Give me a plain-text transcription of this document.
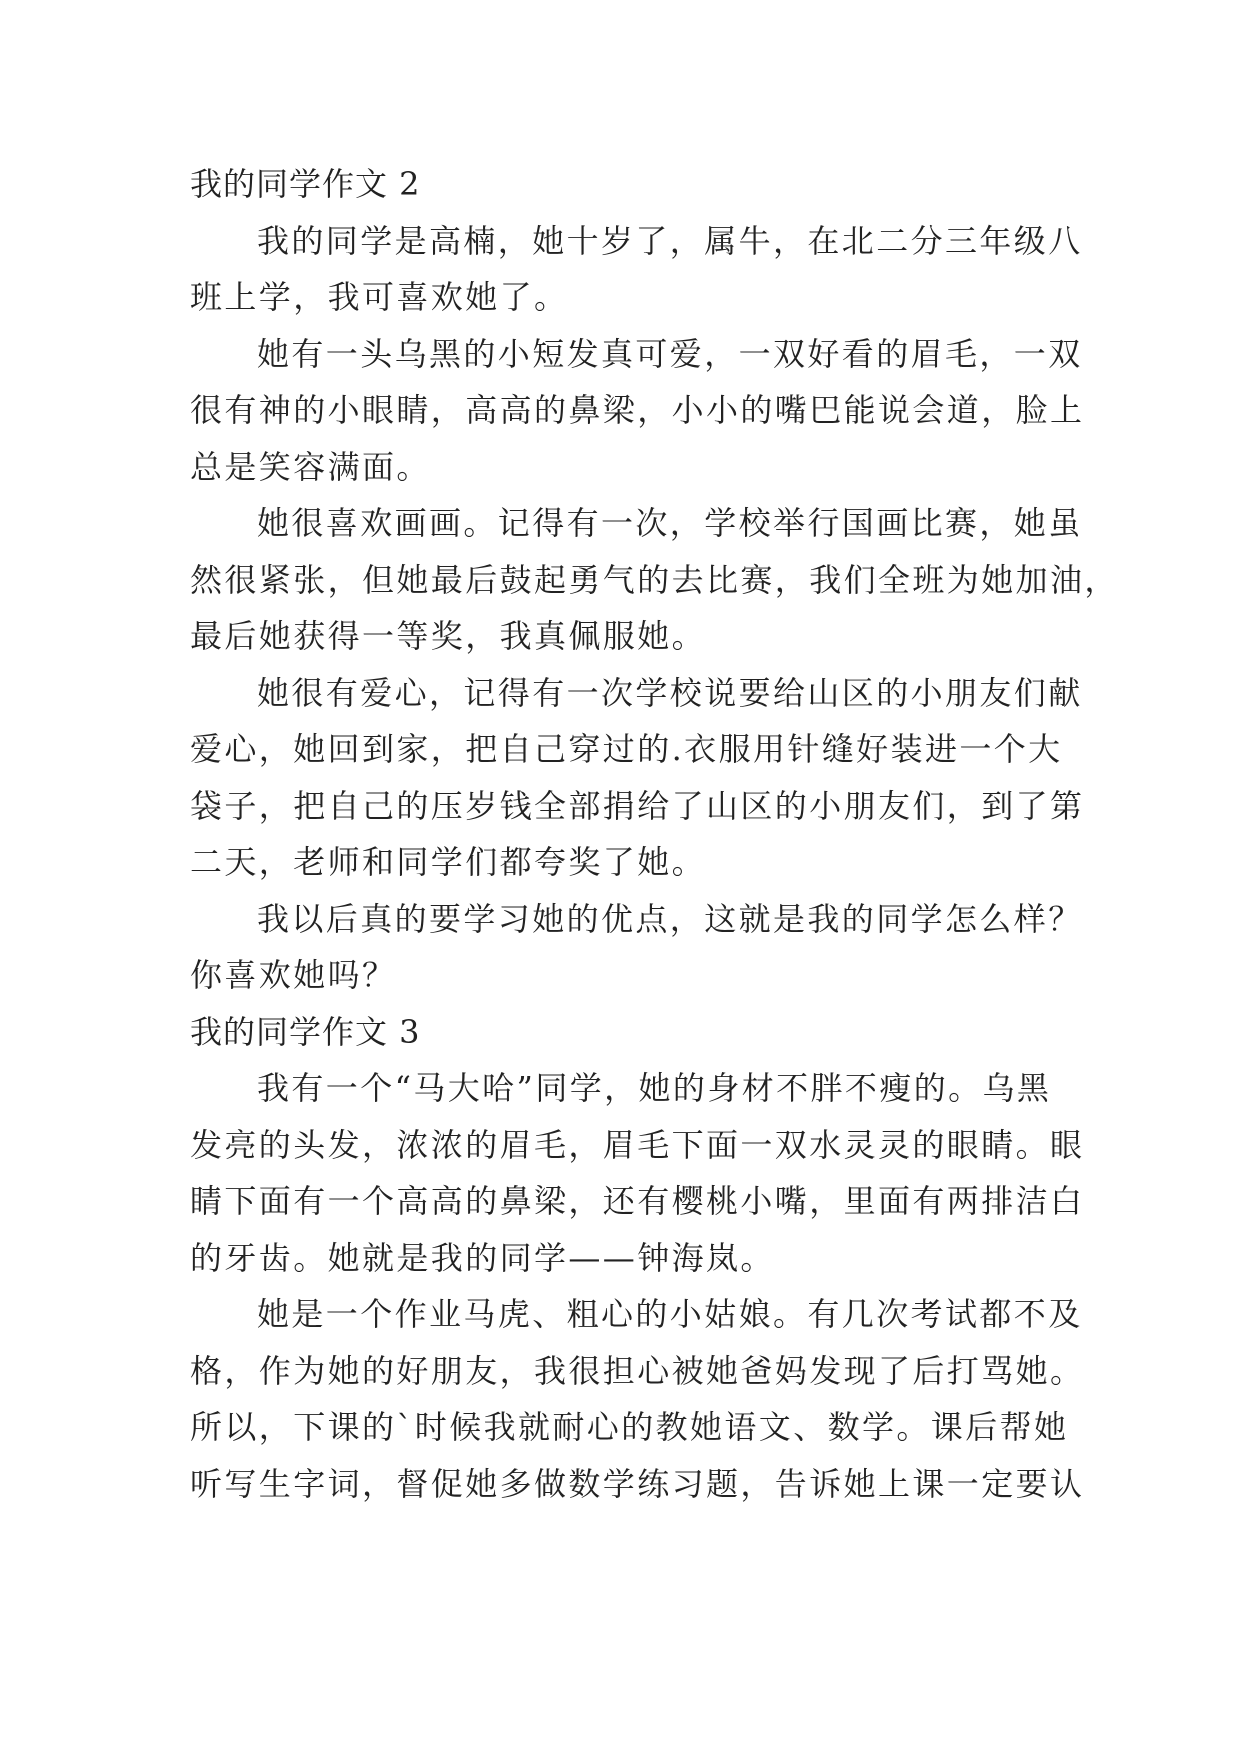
我的同学作文 2
我的同学是高楠，她十岁了，属牛，在北二分三年级八
班上学，我可喜欢她了。
她有一头乌黑的小短发真可爱，一双好看的眉毛，一双
很有神的小眼睛，高高的鼻梁，小小的嘴巴能说会道，脸上
总是笑容满面。
她很喜欢画画。记得有一次，学校举行国画比赛，她虽
然很紧张，但她最后鼓起勇气的去比赛，我们全班为她加油，
最后她获得一等奖，我真佩服她。
她很有爱心，记得有一次学校说要给山区的小朋友们献
爱心，她回到家，把自己穿过的.衣服用针缝好装进一个大
袋子，把自己的压岁钱全部捐给了山区的小朋友们，到了第
二天，老师和同学们都夸奖了她。
我以后真的要学习她的优点，这就是我的同学怎么样？
你喜欢她吗？
我的同学作文 3
我有一个“马大哈”同学，她的身材不胖不瘦的。乌黑
发亮的头发，浓浓的眉毛，眉毛下面一双水灵灵的眼睛。眼
睛下面有一个高高的鼻梁，还有樱桃小嘴，里面有两排洁白
的牙齿。她就是我的同学——钟海岚。
她是一个作业马虎、粗心的小姑娘。有几次考试都不及
格，作为她的好朋友，我很担心被她爸妈发现了后打骂她。
所以，下课的`时候我就耐心的教她语文、数学。课后帮她
听写生字词，督促她多做数学练习题，告诉她上课一定要认
